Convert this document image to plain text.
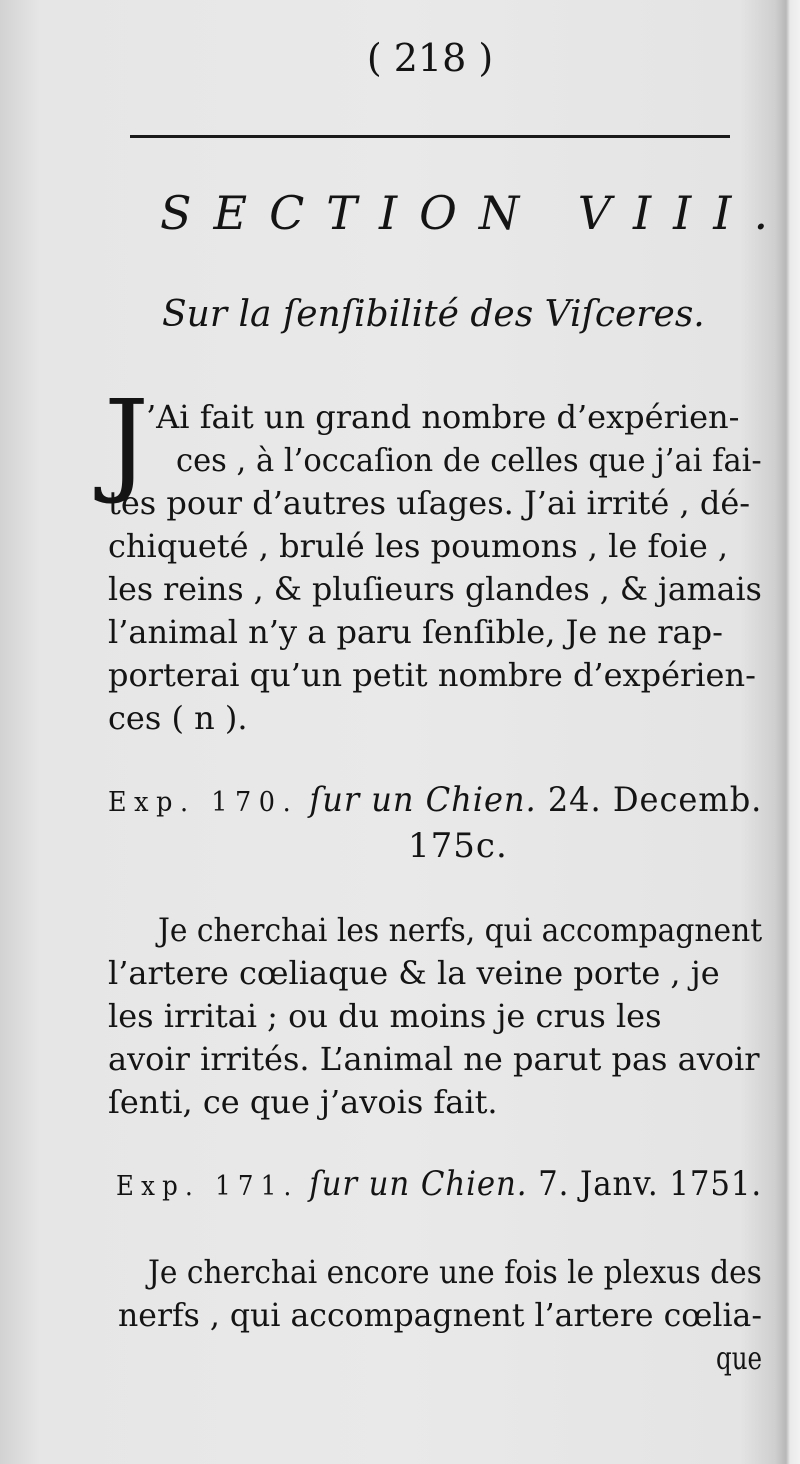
( 218 )
SECTION VIII.
Sur la ſenſibilité des Viſceres.
J
’Ai fait un grand nombre d’expérien-
ces , à l’occaſion de celles que j’ai fai-
tes pour d’autres uſages. J’ai irrité , dé-
chiqueté , brulé les poumons , le foie ,
les reins , & pluſieurs glandes , & jamais
l’animal n’y a paru ſenſible, Je ne rap-
porterai qu’un petit nombre d’expérien-
ces ( n ).
Exp. 170. ſur un Chien. 24. Decemb.
175c.
Je cherchai les nerfs, qui accompagnent
l’artere cœliaque & la veine porte , je
les irritai ; ou du moins je crus les
avoir irrités. L’animal ne parut pas avoir
ſenti, ce que j’avois fait.
Exp. 171. ſur un Chien. 7. Janv. 1751.
Je cherchai encore une fois le plexus des
nerfs , qui accompagnent l’artere cœlia-
que
